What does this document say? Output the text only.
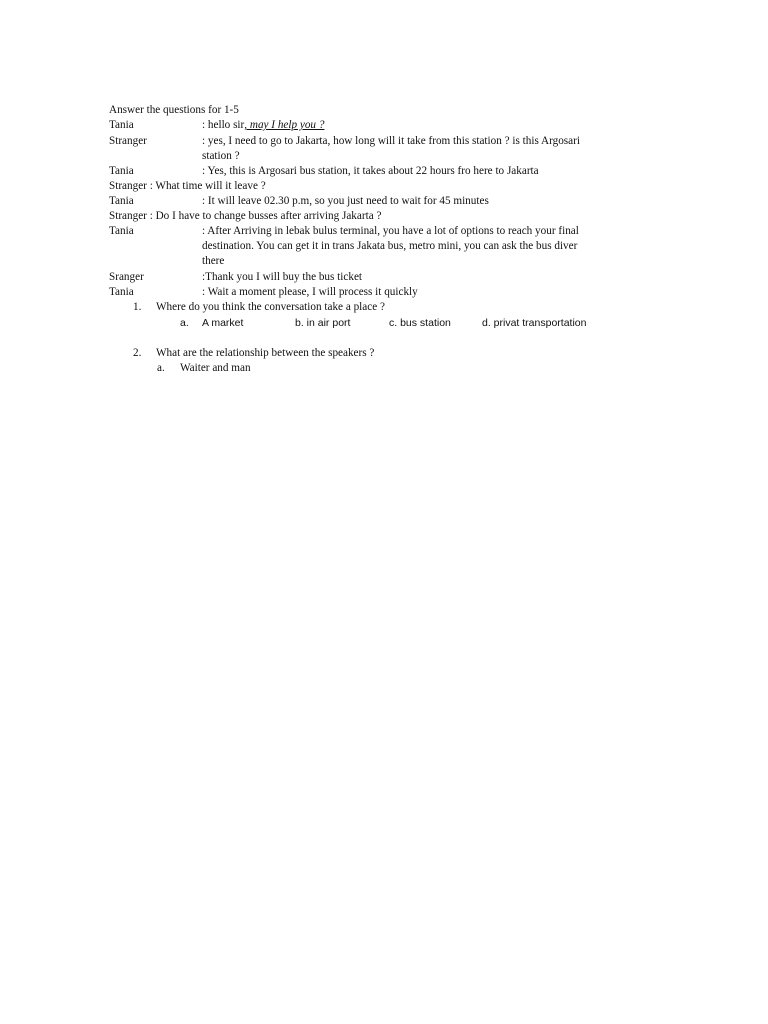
Answer the questions for 1-5
Tania	: hello sir, may I help you ?
Stranger	: yes, I need to go to Jakarta, how long will it take from this station ? is this Argosari
station ?
Tania	: Yes, this is Argosari bus station, it takes about 22 hours fro here to Jakarta
Stranger : What time will it leave ?
Tania	: It will leave 02.30 p.m, so you just need to wait for 45 minutes
Stranger : Do I have to change busses after arriving Jakarta ?
Tania	: After Arriving in lebak bulus terminal, you have a lot of options to reach your final
destination. You can get it in trans Jakata bus, metro mini, you can ask the bus diver
there
Sranger	:Thank you I will buy the bus ticket
Tania	: Wait a moment please, I will process it quickly
1. Where do you think the conversation take a place ?
a. A market	b. in air port	c. bus station	d. privat transportation
2. What are the relationship between the speakers ?
a. Waiter and man
